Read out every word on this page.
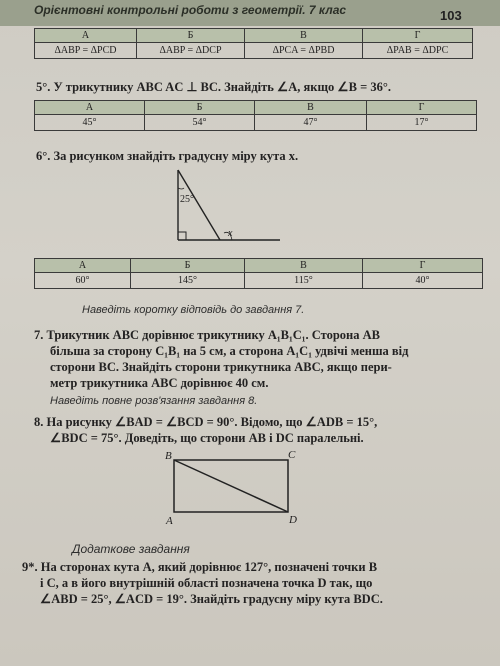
Орієнтовні контрольні роботи з геометрії. 7 клас	103
А	Б	В	Г
ΔABP = ΔPCD	ΔABP = ΔDCP	ΔPCA = ΔPBD	ΔPAB = ΔDPC
5°. У трикутнику ABC AC ⊥ BC. Знайдіть ∠A, якщо ∠B = 36°.
А	Б	В	Г
45°	54°	47°	17°
6°. За рисунком знайдіть градусну міру кута x.
25°
x
А	Б	В	Г
60°	145°	115°	40°
Наведіть коротку відповідь до завдання 7.
7. Трикутник ABC дорівнює трикутнику A₁B₁C₁. Сторона AB
більша за сторону C₁B₁ на 5 см, а сторона A₁C₁ удвічі менша від
сторони BC. Знайдіть сторони трикутника ABC, якщо пери-
метр трикутника ABC дорівнює 40 см.
Наведіть повне розв'язання завдання 8.
8. На рисунку ∠BAD = ∠BCD = 90°. Відомо, що ∠ADB = 15°,
∠BDC = 75°. Доведіть, що сторони AB і DC паралельні.
B	C
A	D
Додаткове завдання
9*. На сторонах кута A, який дорівнює 127°, позначені точки B
і C, а в його внутрішній області позначена точка D так, що
∠ABD = 25°, ∠ACD = 19°. Знайдіть градусну міру кута BDC.
